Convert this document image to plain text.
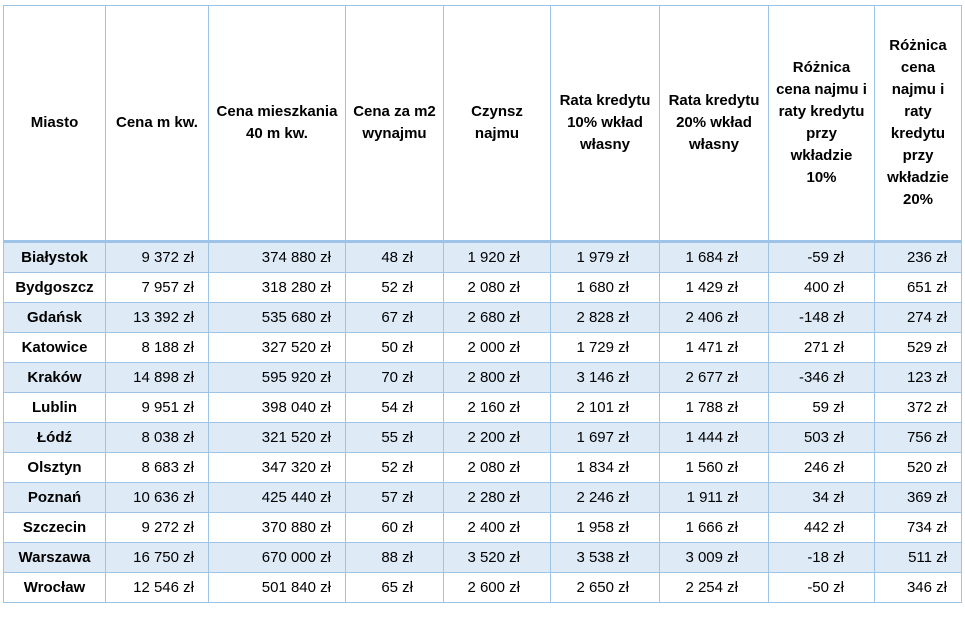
Miasto	Cena m kw.	Cena mieszkania 40 m kw.	Cena za m2 wynajmu	Czynsz najmu	Rata kredytu 10% wkład własny	Rata kredytu 20% wkład własny	Różnica cena najmu i raty kredytu przy wkładzie 10%	Różnica cena najmu i raty kredytu przy wkładzie 20%
Białystok	9 372 zł	374 880 zł	48 zł	1 920 zł	1 979 zł	1 684 zł	-59 zł	236 zł
Bydgoszcz	7 957 zł	318 280 zł	52 zł	2 080 zł	1 680 zł	1 429 zł	400 zł	651 zł
Gdańsk	13 392 zł	535 680 zł	67 zł	2 680 zł	2 828 zł	2 406 zł	-148 zł	274 zł
Katowice	8 188 zł	327 520 zł	50 zł	2 000 zł	1 729 zł	1 471 zł	271 zł	529 zł
Kraków	14 898 zł	595 920 zł	70 zł	2 800 zł	3 146 zł	2 677 zł	-346 zł	123 zł
Lublin	9 951 zł	398 040 zł	54 zł	2 160 zł	2 101 zł	1 788 zł	59 zł	372 zł
Łódź	8 038 zł	321 520 zł	55 zł	2 200 zł	1 697 zł	1 444 zł	503 zł	756 zł
Olsztyn	8 683 zł	347 320 zł	52 zł	2 080 zł	1 834 zł	1 560 zł	246 zł	520 zł
Poznań	10 636 zł	425 440 zł	57 zł	2 280 zł	2 246 zł	1 911 zł	34 zł	369 zł
Szczecin	9 272 zł	370 880 zł	60 zł	2 400 zł	1 958 zł	1 666 zł	442 zł	734 zł
Warszawa	16 750 zł	670 000 zł	88 zł	3 520 zł	3 538 zł	3 009 zł	-18 zł	511 zł
Wrocław	12 546 zł	501 840 zł	65 zł	2 600 zł	2 650 zł	2 254 zł	-50 zł	346 zł
